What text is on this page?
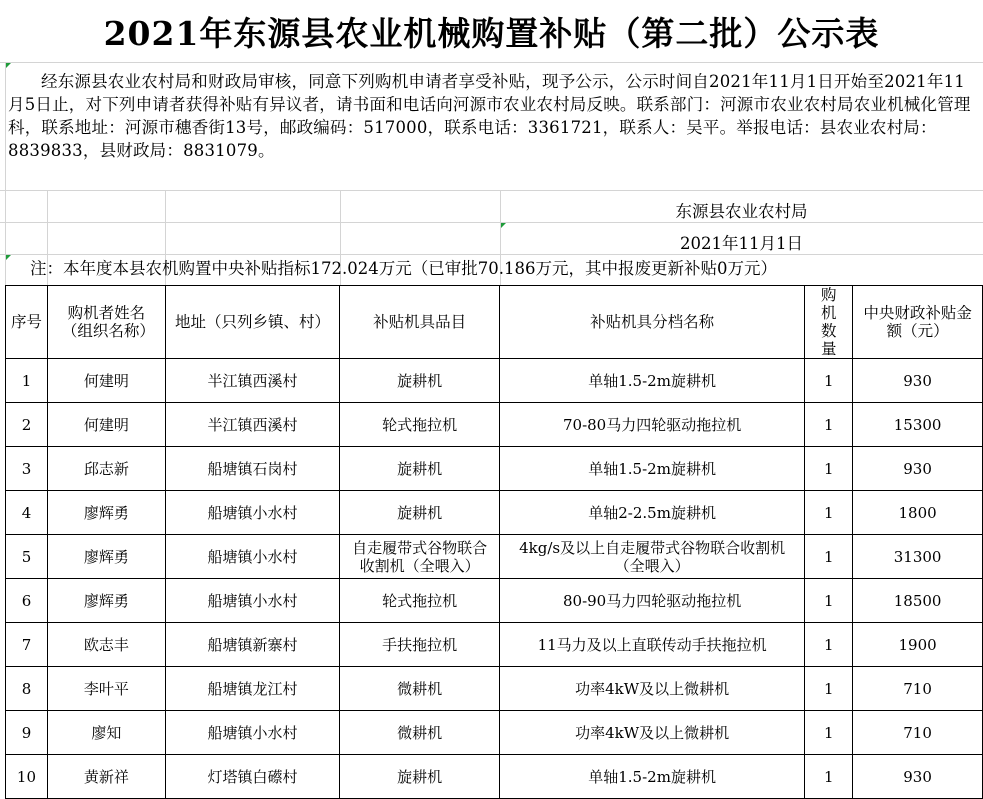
2021年东源县农业机械购置补贴（第二批）公示表
经东源县农业农村局和财政局审核，同意下列购机申请者享受补贴，现予公示，公示时间自2021年11月1日开始至2021年11月5日止，对下列申请者获得补贴有异议者，请书面和电话向河源市农业农村局反映。联系部门：河源市农业农村局农业机械化管理科，联系地址：河源市穗香街13号，邮政编码：517000，联系电话：3361721，联系人：吴平。举报电话：县农业农村局：8839833，县财政局：8831079。
东源县农业农村局
2021年11月1日
注：本年度本县农机购置中央补贴指标172.024万元（已审批70.186万元，其中报废更新补贴0万元）
序号	购机者姓名（组织名称）	地址（只列乡镇、村）	补贴机具品目	补贴机具分档名称	购机数量	中央财政补贴金额（元）
1	何建明	半江镇西溪村	旋耕机	单轴1.5-2m旋耕机	1	930
2	何建明	半江镇西溪村	轮式拖拉机	70-80马力四轮驱动拖拉机	1	15300
3	邱志新	船塘镇石岗村	旋耕机	单轴1.5-2m旋耕机	1	930
4	廖辉勇	船塘镇小水村	旋耕机	单轴2-2.5m旋耕机	1	1800
5	廖辉勇	船塘镇小水村	自走履带式谷物联合收割机（全喂入）	4kg/s及以上自走履带式谷物联合收割机（全喂入）	1	31300
6	廖辉勇	船塘镇小水村	轮式拖拉机	80-90马力四轮驱动拖拉机	1	18500
7	欧志丰	船塘镇新寨村	手扶拖拉机	11马力及以上直联传动手扶拖拉机	1	1900
8	李叶平	船塘镇龙江村	微耕机	功率4kW及以上微耕机	1	710
9	廖知	船塘镇小水村	微耕机	功率4kW及以上微耕机	1	710
10	黄新祥	灯塔镇白礤村	旋耕机	单轴1.5-2m旋耕机	1	930
